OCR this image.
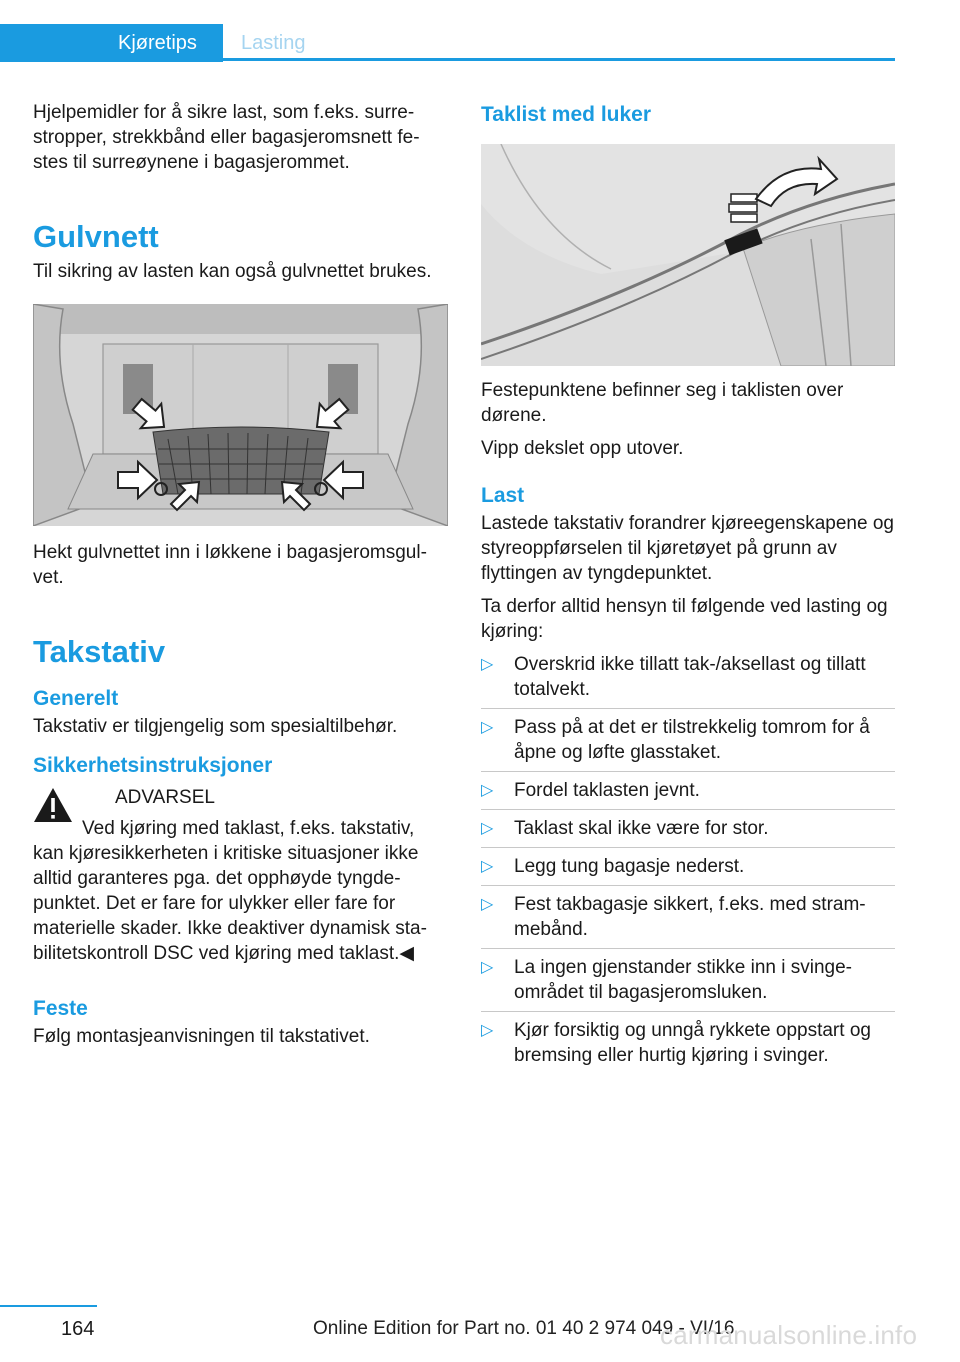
Kjøretips	Lasting

Hjelpemidler for å sikre last, som f.eks. surrestropper, strekkbånd eller bagasjeromsnett festes til surreøynene i bagasjerommet.

Gulvnett

Til sikring av lasten kan også gulvnettet brukes.

Hekt gulvnettet inn i løkkene i bagasjeromsgulvet.

Takstativ
Generelt

Takstativ er tilgjengelig som spesialtilbehør.

Sikkerhetsinstruksjoner
ADVARSEL

Ved kjøring med taklast, f.eks. takstativ, kan kjøresikkerheten i kritiske situasjoner ikke alltid garanteres pga. det opphøyde tyngdepunktet. Det er fare for ulykker eller fare for materielle skader. Ikke deaktiver dynamisk stabilitetskontroll DSC ved kjøring med taklast.◀

Feste

Følg montasjeanvisningen til takstativet.

Taklist med luker

Festepunktene befinner seg i taklisten over dørene.

Vipp dekslet opp utover.

Last

Lastede takstativ forandrer kjøreegenskapene og styreoppførselen til kjøretøyet på grunn av flyttingen av tyngdepunktet.

Ta derfor alltid hensyn til følgende ved lasting og kjøring:

▷ Overskrid ikke tillatt tak-/aksellast og tillatt totalvekt.
▷ Pass på at det er tilstrekkelig tomrom for å åpne og løfte glasstaket.
▷ Fordel taklasten jevnt.
▷ Taklast skal ikke være for stor.
▷ Legg tung bagasje nederst.
▷ Fest takbagasje sikkert, f.eks. med strammebånd.
▷ La ingen gjenstander stikke inn i svingeområdet til bagasjeromsluken.
▷ Kjør forsiktig og unngå rykkete oppstart og bremsing eller hurtig kjøring i svinger.
164	Online Edition for Part no. 01 40 2 974 049 - VI/16
carmanualsonline.info
